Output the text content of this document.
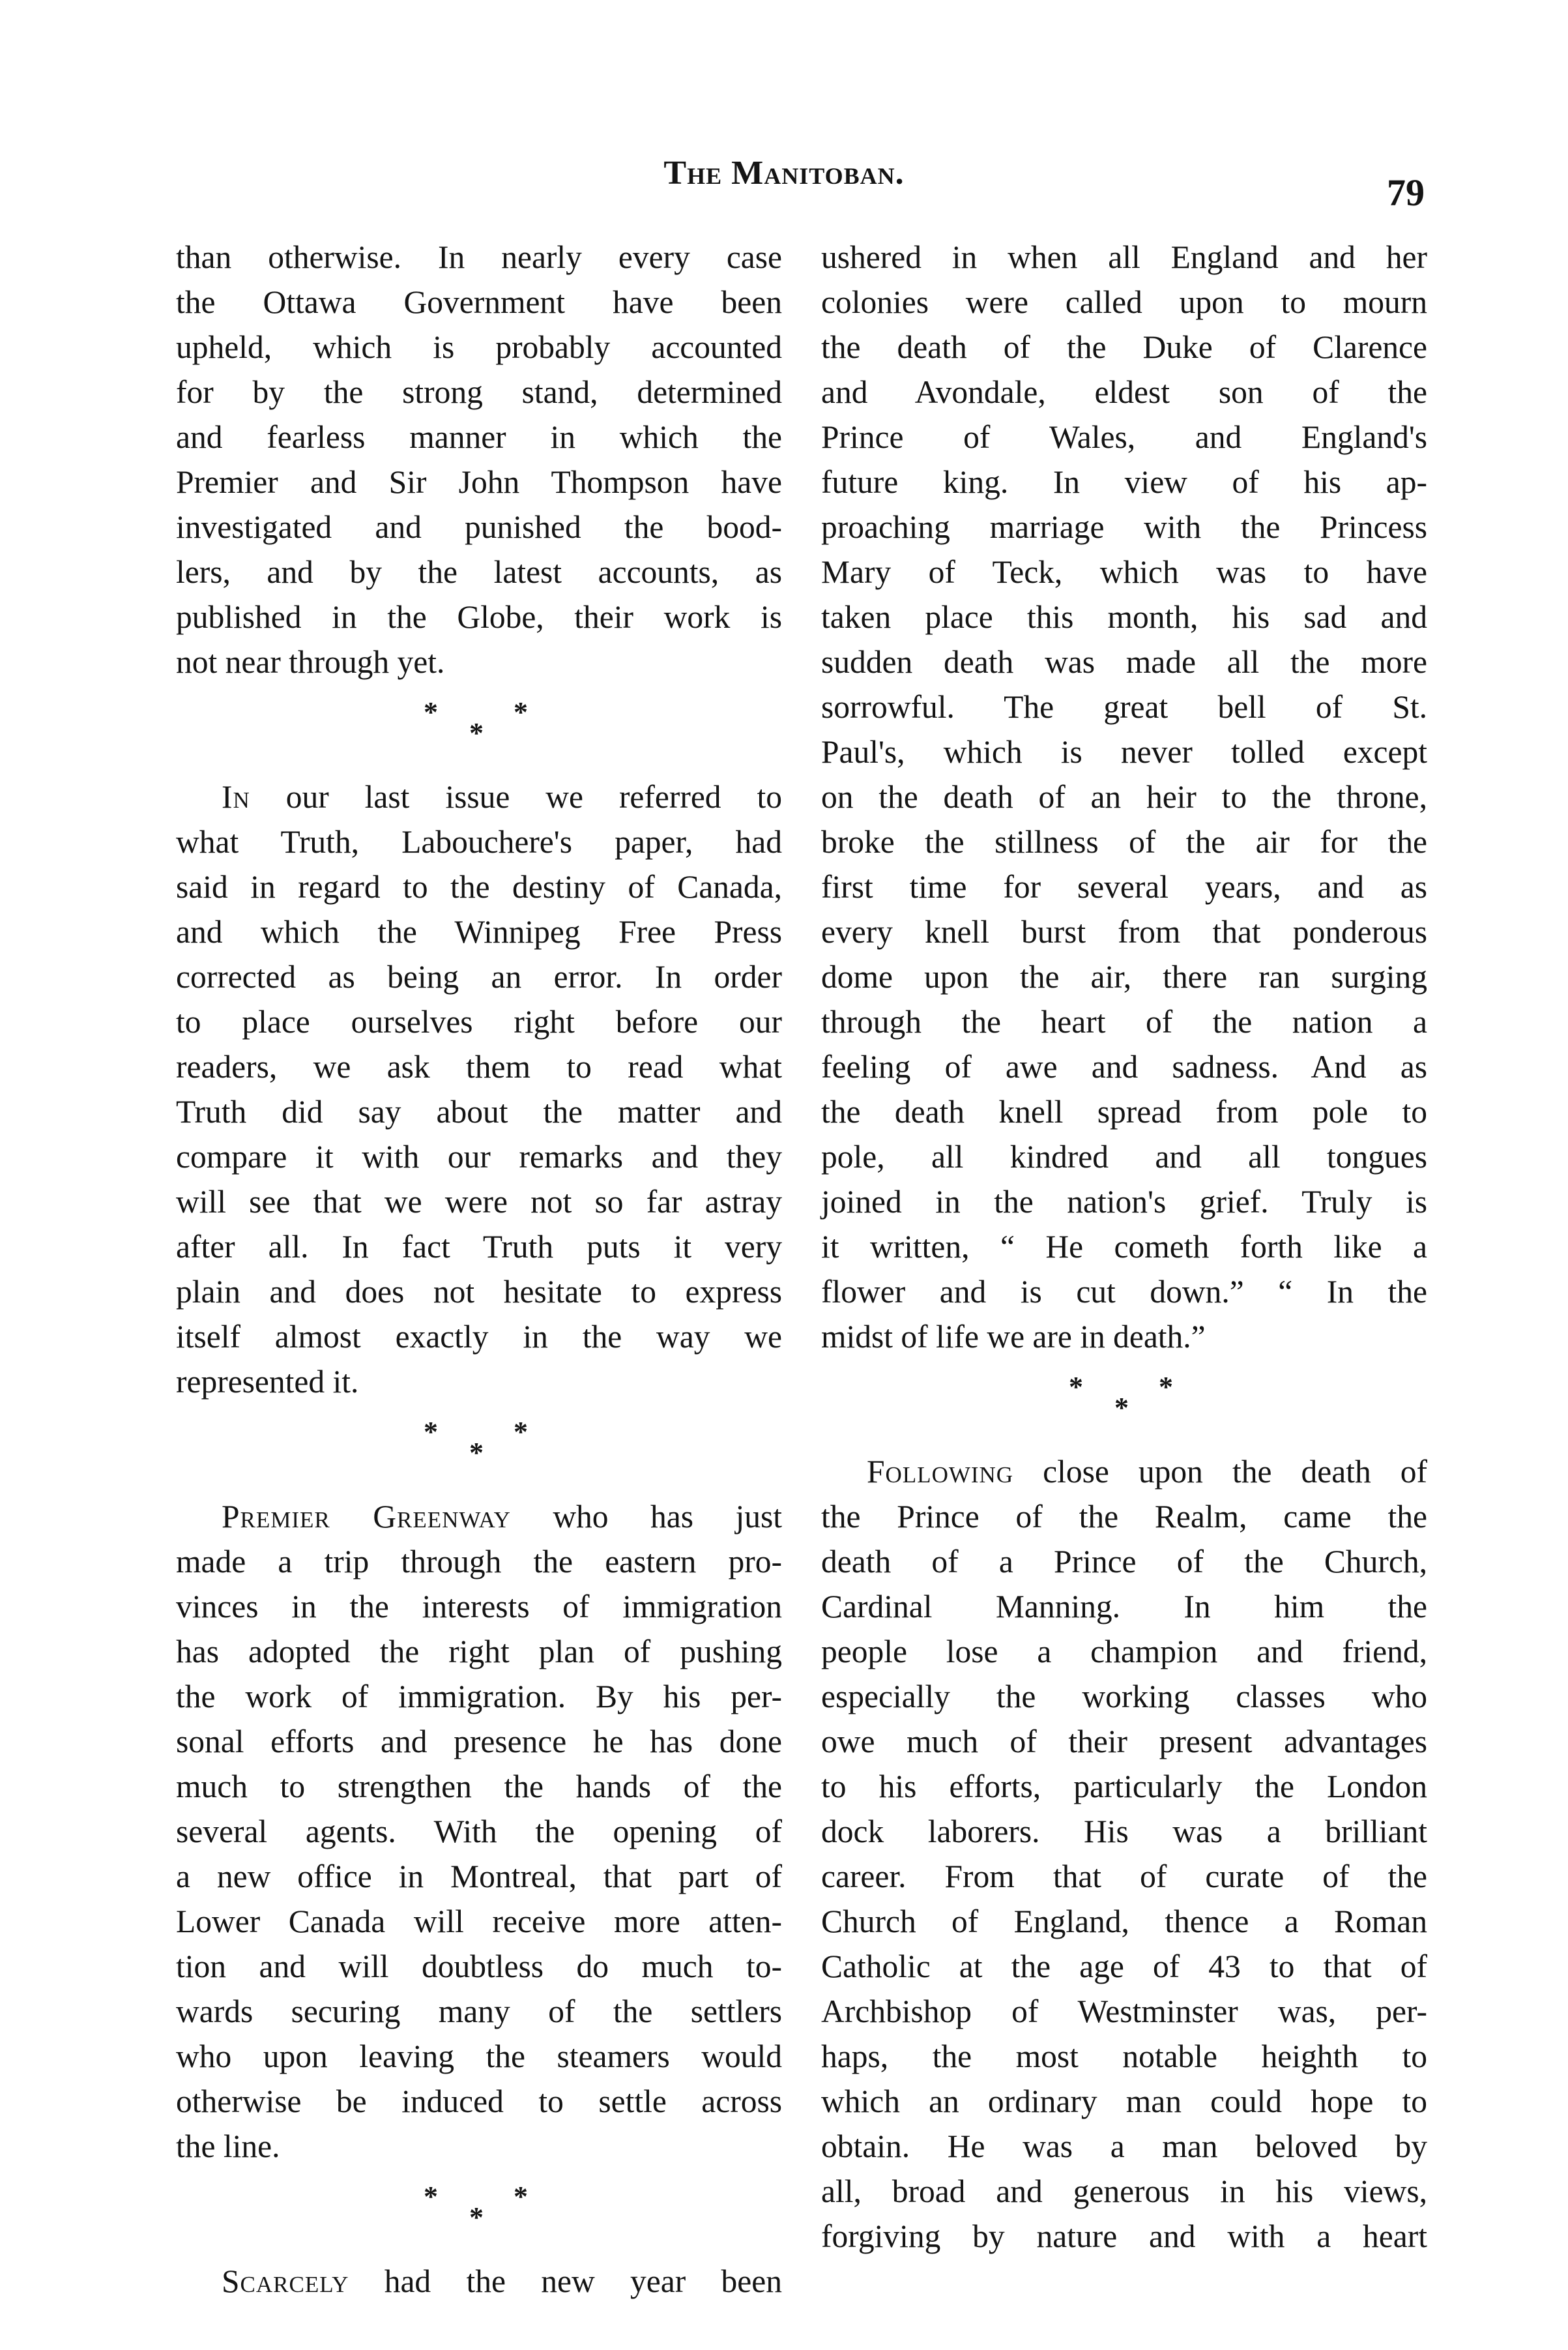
The Manitoban.	79
than otherwise. In nearly every case
the Ottawa Government have been
upheld, which is probably accounted
for by the strong stand, determined
and fearless manner in which the
Premier and Sir John Thompson have
investigated and punished the bood-
lers, and by the latest accounts, as
published in the Globe, their work is
not near through yet.
*
*
*
In our last issue we referred to
what Truth, Labouchere's paper, had
said in regard to the destiny of Canada,
and which the Winnipeg Free Press
corrected as being an error. In order
to place ourselves right before our
readers, we ask them to read what
Truth did say about the matter and
compare it with our remarks and they
will see that we were not so far astray
after all. In fact Truth puts it very
plain and does not hesitate to express
itself almost exactly in the way we
represented it.
*
*
*
Premier Greenway who has just
made a trip through the eastern pro-
vinces in the interests of immigration
has adopted the right plan of pushing
the work of immigration. By his per-
sonal efforts and presence he has done
much to strengthen the hands of the
several agents. With the opening of
a new office in Montreal, that part of
Lower Canada will receive more atten-
tion and will doubtless do much to-
wards securing many of the settlers
who upon leaving the steamers would
otherwise be induced to settle across
the line.
*
*
*
Scarcely had the new year been
ushered in when all England and her
colonies were called upon to mourn
the death of the Duke of Clarence
and Avondale, eldest son of the
Prince of Wales, and England's
future king. In view of his ap-
proaching marriage with the Princess
Mary of Teck, which was to have
taken place this month, his sad and
sudden death was made all the more
sorrowful. The great bell of St.
Paul's, which is never tolled except
on the death of an heir to the throne,
broke the stillness of the air for the
first time for several years, and as
every knell burst from that ponderous
dome upon the air, there ran surging
through the heart of the nation a
feeling of awe and sadness. And as
the death knell spread from pole to
pole, all kindred and all tongues
joined in the nation's grief. Truly is
it written, “ He cometh forth like a
flower and is cut down.” “ In the
midst of life we are in death.”
*
*
*
Following close upon the death of
the Prince of the Realm, came the
death of a Prince of the Church,
Cardinal Manning. In him the
people lose a champion and friend,
especially the working classes who
owe much of their present advantages
to his efforts, particularly the London
dock laborers. His was a brilliant
career. From that of curate of the
Church of England, thence a Roman
Catholic at the age of 43 to that of
Archbishop of Westminster was, per-
haps, the most notable heighth to
which an ordinary man could hope to
obtain. He was a man beloved by
all, broad and generous in his views,
forgiving by nature and with a heart
